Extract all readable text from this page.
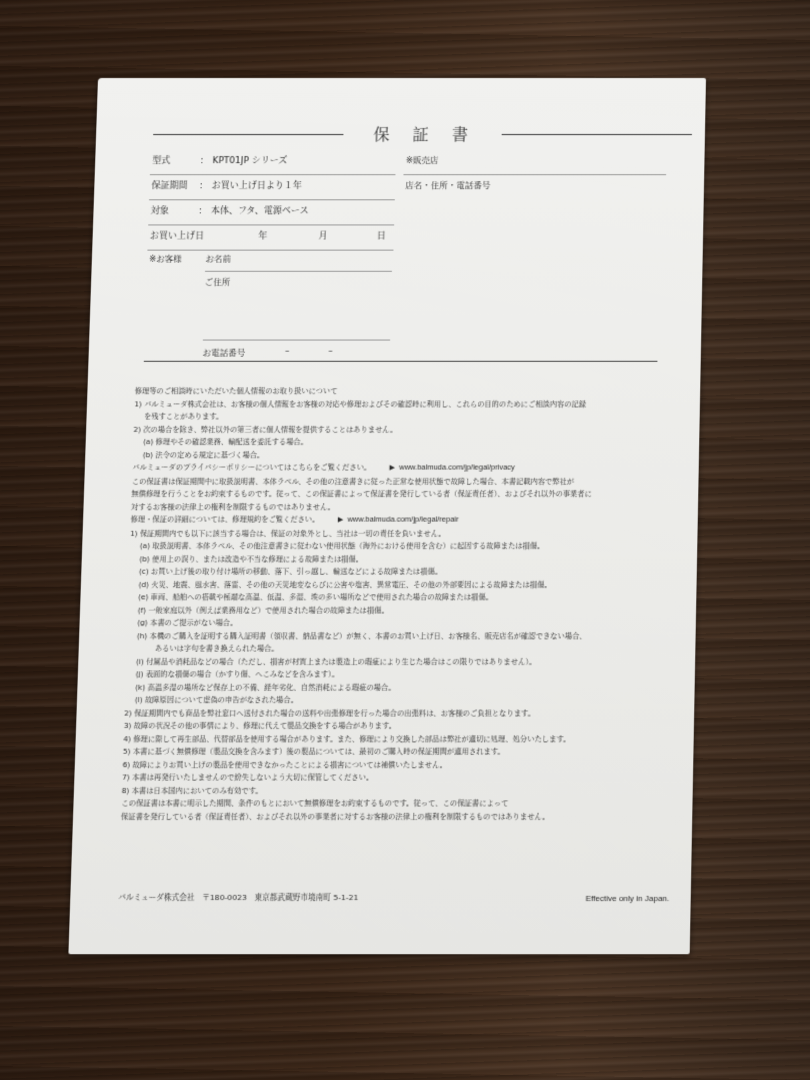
保 証 書
型式	: KPT01JP シリーズ
保証期間 : お買い上げ日より１年
対象	: 本体、フタ、電源ベース
お買い上げ日	年	月	日
※販売店
店名・住所・電話番号
※お客様	お名前
ご住所
お電話番号	–	–

修理等のご相談時にいただいた個人情報のお取り扱いについて

1) バルミューダ株式会社は、お客様の個人情報をお客様の対応や修理およびその確認時に利用し、これらの目的のためにご相談内容の記録

を残すことがあります。

2) 次の場合を除き、弊社以外の第三者に個人情報を提供することはありません。

(a) 修理やその確認業務、輸配送を委託する場合。

(b) 法令の定める規定に基づく場合。

バルミューダのプライバシーポリシーについてはこちらをご覧ください。	▶ www.balmuda.com/jp/legal/privacy

この保証書は保証期間中に取扱説明書、本体ラベル、その他の注意書きに従った正常な使用状態で故障した場合、本書記載内容で弊社が

無償修理を行うことをお約束するものです。従って、この保証書によって保証書を発行している者（保証責任者）、およびそれ以外の事業者に

対するお客様の法律上の権利を制限するものではありません。

修理・保証の詳細については、修理規約をご覧ください。	▶ www.balmuda.com/jp/legal/repair

1) 保証期間内でも以下に該当する場合は、保証の対象外とし、当社は一切の責任を負いません。

(a) 取扱説明書、本体ラベル、その他注意書きに従わない使用状態（海外における使用を含む）に起因する故障または損傷。

(b) 使用上の誤り、または改造や不当な修理による故障または損傷。

(c) お買い上げ後の取り付け場所の移動、落下、引っ越し、輸送などによる故障または損傷。

(d) 火災、地震、風水害、落雷、その他の天災地変ならびに公害や塩害、異常電圧、その他の外部要因による故障または損傷。

(e) 車両、船舶への搭載や極端な高温、低温、多湿、埃の多い場所などで使用された場合の故障または損傷。

(f) 一般家庭以外（例えば業務用など）で使用された場合の故障または損傷。

(g) 本書のご提示がない場合。

(h) 本機のご購入を証明する購入証明書（領収書、納品書など）が無く、本書のお買い上げ日、お客様名、販売店名が確認できない場合、

あるいは字句を書き換えられた場合。

(i) 付属品や消耗品などの場合（ただし、損害が材質上または製造上の瑕疵により生じた場合はこの限りではありません）。

(j) 表面的な損傷の場合（かすり傷、へこみなどを含みます）。

(k) 高温多湿の場所など保存上の不備、経年劣化、自然消耗による瑕疵の場合。

(l) 故障原因について虚偽の申告がなされた場合。

2) 保証期間内でも商品を弊社窓口へ送付された場合の送料や出張修理を行った場合の出張料は、お客様のご負担となります。

3) 故障の状況その他の事情により、修理に代えて製品交換をする場合があります。

4) 修理に際して再生部品、代替部品を使用する場合があります。また、修理により交換した部品は弊社が適切に処理、処分いたします。

5) 本書に基づく無償修理（製品交換を含みます）後の製品については、最初のご購入時の保証期間が適用されます。

6) 故障によりお買い上げの製品を使用できなかったことによる損害については補償いたしません。

7) 本書は再発行いたしませんので紛失しないよう大切に保管してください。

8) 本書は日本国内においてのみ有効です。

この保証書は本書に明示した期間、条件のもとにおいて無償修理をお約束するものです。従って、この保証書によって

保証書を発行している者（保証責任者）、およびそれ以外の事業者に対するお客様の法律上の権利を制限するものではありません。

バルミューダ株式会社　〒180-0023　東京都武蔵野市境南町 5-1-21	Effective only in Japan.
